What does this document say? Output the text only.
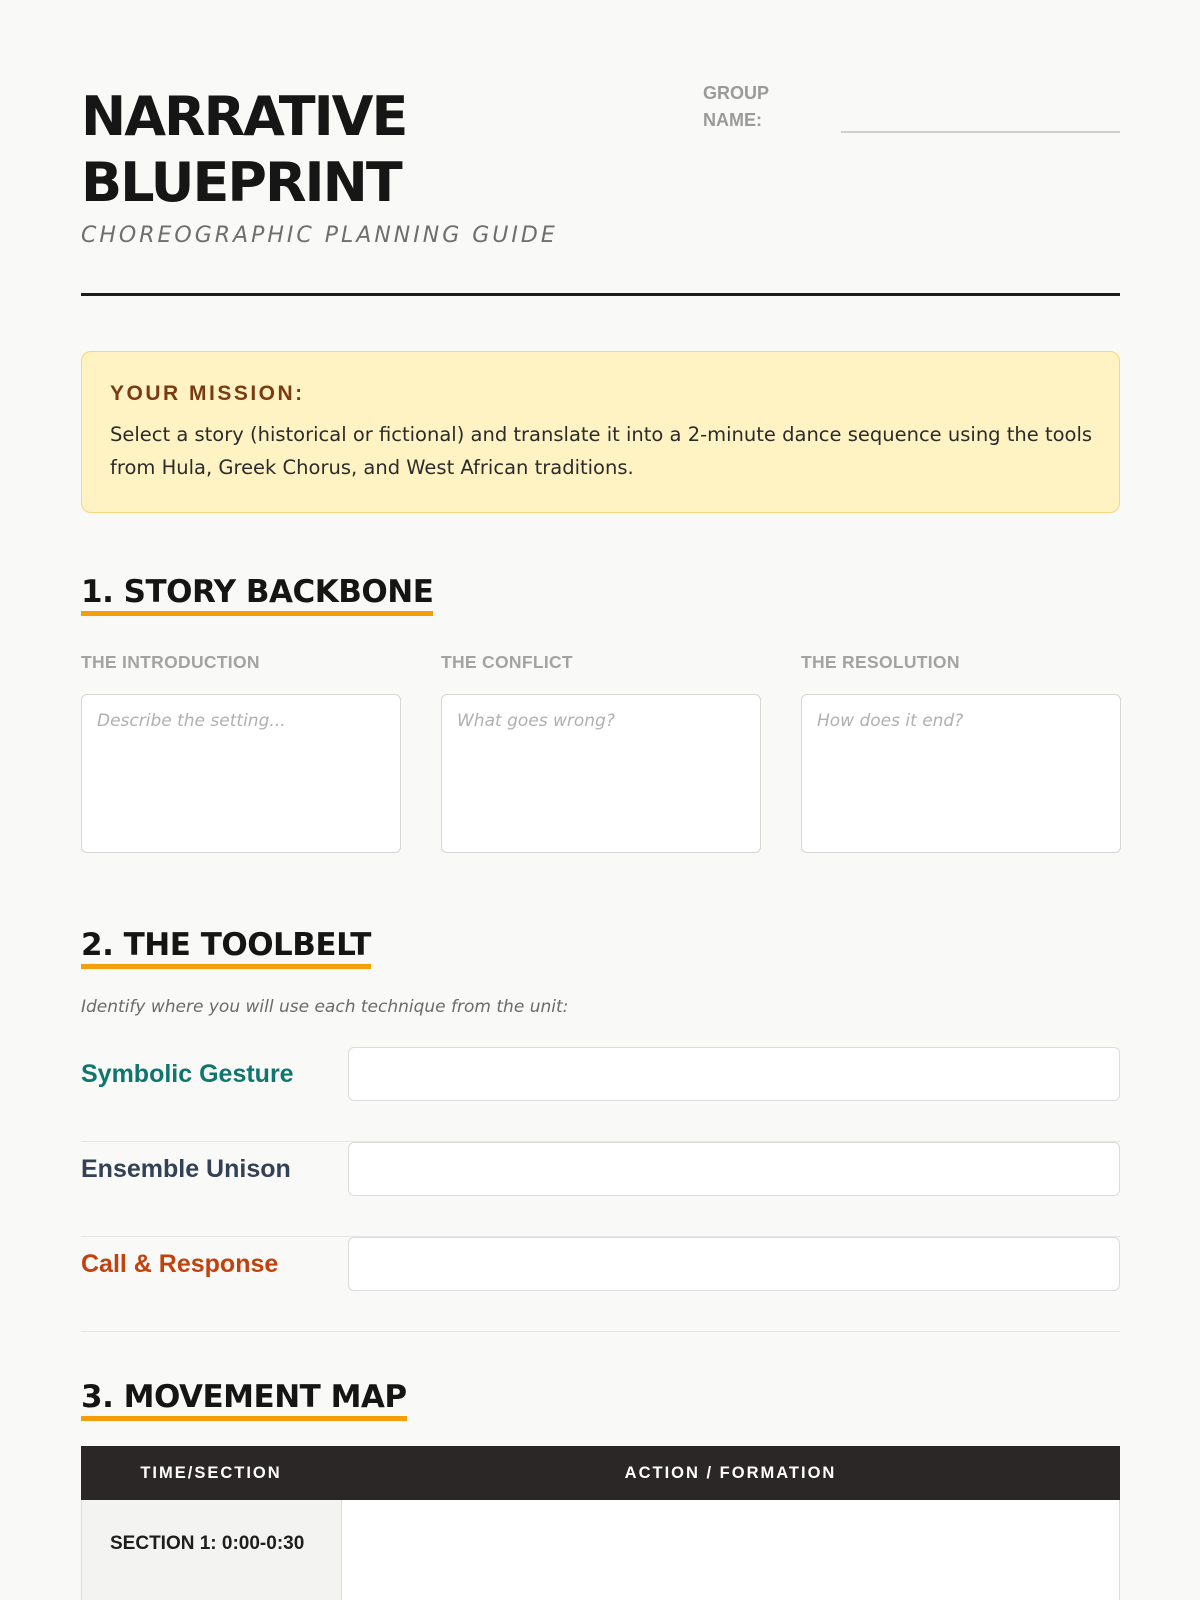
NARRATIVE
BLUEPRINT
CHOREOGRAPHIC PLANNING GUIDE
GROUP NAME:
YOUR MISSION:
Select a story (historical or fictional) and translate it into a 2-minute dance sequence using the tools from Hula, Greek Chorus, and West African traditions.
1. STORY BACKBONE
THE INTRODUCTION	THE CONFLICT	THE RESOLUTION
Describe the setting...	What goes wrong?	How does it end?
2. THE TOOLBELT
Identify where you will use each technique from the unit:
Symbolic Gesture
Ensemble Unison
Call & Response
3. MOVEMENT MAP
TIME/SECTION	ACTION / FORMATION
SECTION 1: 0:00-0:30
